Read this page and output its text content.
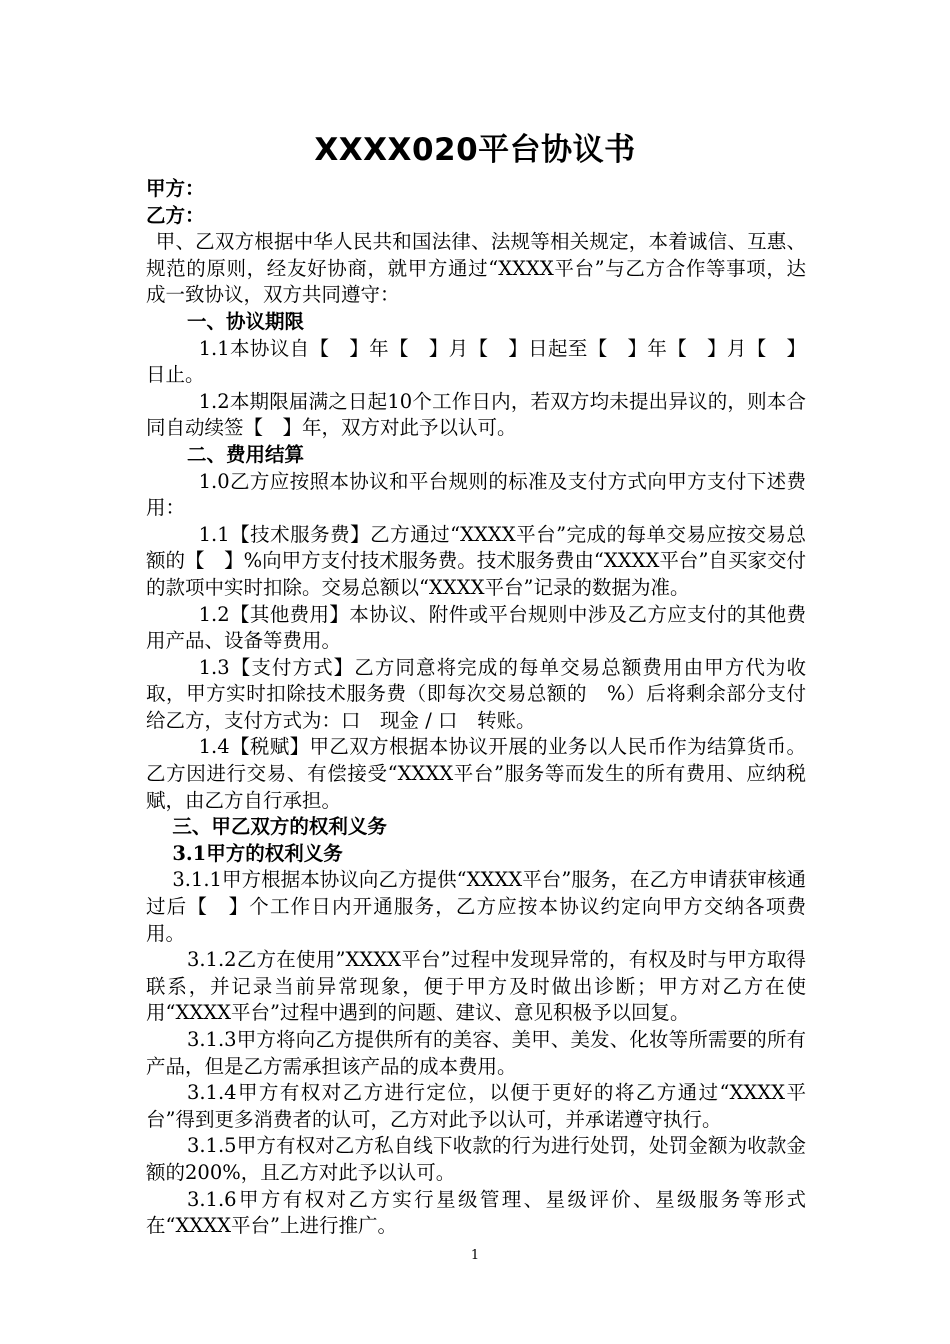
XXXX020平台协议书

甲方：

乙方：

甲、乙双方根据中华人民共和国法律、法规等相关规定，本着诚信、互惠、规范的原则，经友好协商，就甲方通过“XXXX平台”与乙方合作等事项，达成一致协议，双方共同遵守：

一、协议期限

1.1本协议自【　】年【　】月【　】日起至【　】年【　】月【　】日止。

1.2本期限届满之日起10个工作日内，若双方均未提出异议的，则本合同自动续签【　】年，双方对此予以认可。

二、费用结算

1.0乙方应按照本协议和平台规则的标准及支付方式向甲方支付下述费用：

1.1【技术服务费】乙方通过“XXXX平台”完成的每单交易应按交易总额的【　】%向甲方支付技术服务费。技术服务费由“XXXX平台”自买家交付的款项中实时扣除。交易总额以“XXXX平台”记录的数据为准。

1.2【其他费用】本协议、附件或平台规则中涉及乙方应支付的其他费用产品、设备等费用。

1.3【支付方式】乙方同意将完成的每单交易总额费用由甲方代为收取，甲方实时扣除技术服务费（即每次交易总额的　%）后将剩余部分支付给乙方，支付方式为：口　现金 / 口　转账。

1.4【税赋】甲乙双方根据本协议开展的业务以人民币作为结算货币。乙方因进行交易、有偿接受“XXXX平台”服务等而发生的所有费用、应纳税赋，由乙方自行承担。

三、甲乙双方的权利义务

3.1甲方的权利义务

3.1.1甲方根据本协议向乙方提供“XXXX平台”服务，在乙方申请获审核通过后【　】个工作日内开通服务，乙方应按本协议约定向甲方交纳各项费用。

3.1.2乙方在使用”XXXX平台”过程中发现异常的，有权及时与甲方取得联系，并记录当前异常现象，便于甲方及时做出诊断；甲方对乙方在使用“XXXX平台”过程中遇到的问题、建议、意见积极予以回复。

3.1.3甲方将向乙方提供所有的美容、美甲、美发、化妆等所需要的所有产品，但是乙方需承担该产品的成本费用。

3.1.4甲方有权对乙方进行定位，以便于更好的将乙方通过“XXXX平台”得到更多消费者的认可，乙方对此予以认可，并承诺遵守执行。

3.1.5甲方有权对乙方私自线下收款的行为进行处罚，处罚金额为收款金额的200%，且乙方对此予以认可。

3.1.6甲方有权对乙方实行星级管理、星级评价、星级服务等形式在“XXXX平台”上进行推广。

1
